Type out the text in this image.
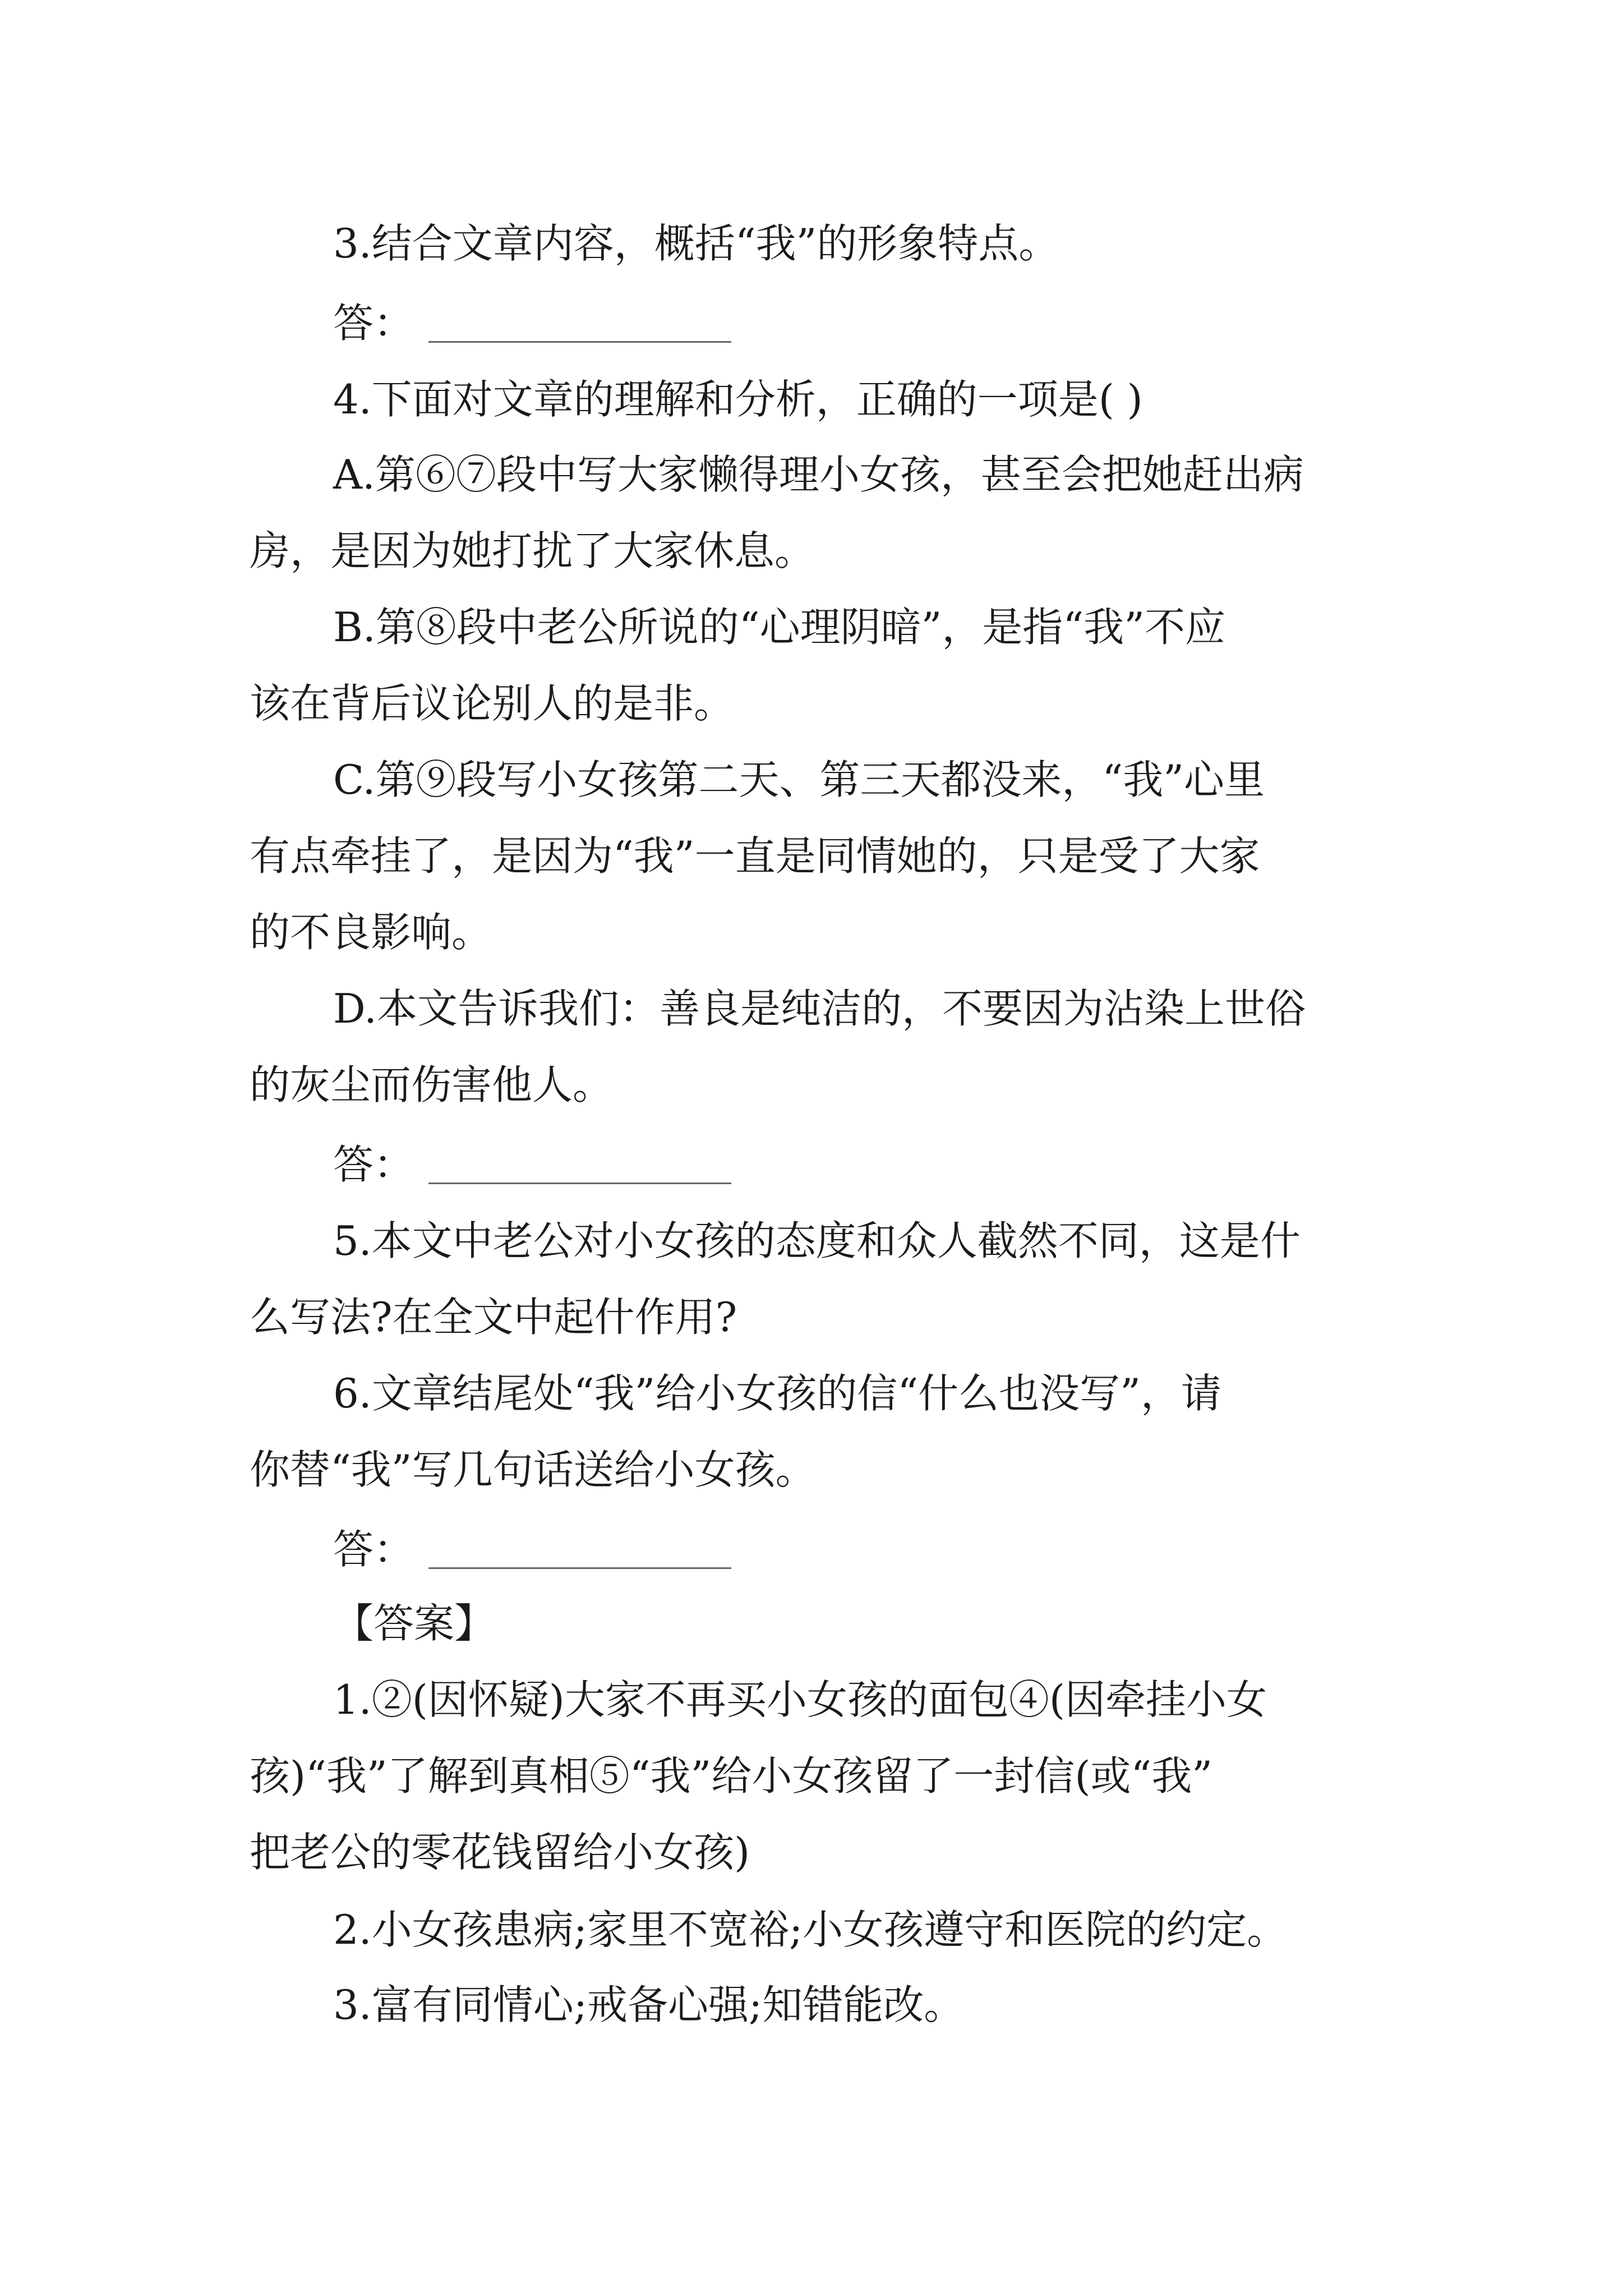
3.结合文章内容，概括“我”的形象特点。
答：
4.下面对文章的理解和分析，正确的一项是( )
A.第⑥⑦段中写大家懒得理小女孩，甚至会把她赶出病
房，是因为她打扰了大家休息。
B.第⑧段中老公所说的“心理阴暗”，是指“我”不应
该在背后议论别人的是非。
C.第⑨段写小女孩第二天、第三天都没来，“我”心里
有点牵挂了，是因为“我”一直是同情她的，只是受了大家
的不良影响。
D.本文告诉我们：善良是纯洁的，不要因为沾染上世俗
的灰尘而伤害他人。
答：
5.本文中老公对小女孩的态度和众人截然不同，这是什
么写法?在全文中起什作用?
6.文章结尾处“我”给小女孩的信“什么也没写”，请
你替“我”写几句话送给小女孩。
答：
【答案】
1.②(因怀疑)大家不再买小女孩的面包④(因牵挂小女
孩)“我”了解到真相⑤“我”给小女孩留了一封信(或“我”
把老公的零花钱留给小女孩)
2.小女孩患病;家里不宽裕;小女孩遵守和医院的约定。
3.富有同情心;戒备心强;知错能改。
